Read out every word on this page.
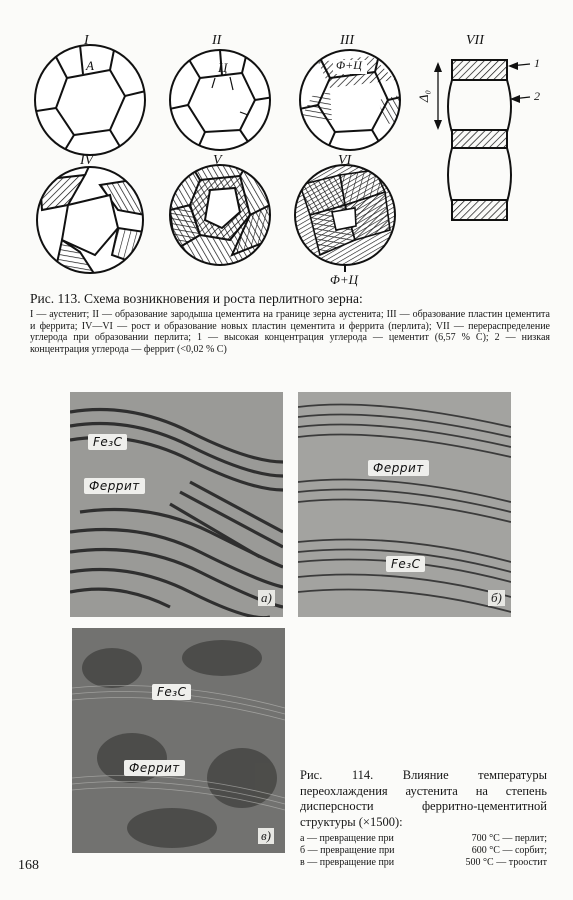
I	II	III
IV	V	VI
VII
A	Ц	Φ+Ц
Φ+Ц
Δ₀
1
2
Рис. 113. Схема возникновения и роста перлитного зерна:
I — аустенит; II — образование зародыша цементита на границе зерна аустенита; III — образование пластин цементита и феррита; IV—VI — рост и образование новых пластин цементита и феррита (перлита); VII — перераспределение углерода при образовании перлита; 1 — высокая концентрация углерода — цементит (6,57 % С); 2 — низкая концентрация углерода — феррит (<0,02 % С)
Fe₃C
Феррит
а)
Феррит
Fe₃C
б)
Fe₃C
Феррит
в)
Рис. 114. Влияние температуры переохлаждения аустенита на степень дисперсности ферритно-цементитной структуры (×1500):
а — превращение при	700 °С — перлит;
б — превращение при	600 °С — сорбит;
в — превращение при	500 °С — троостит
168
